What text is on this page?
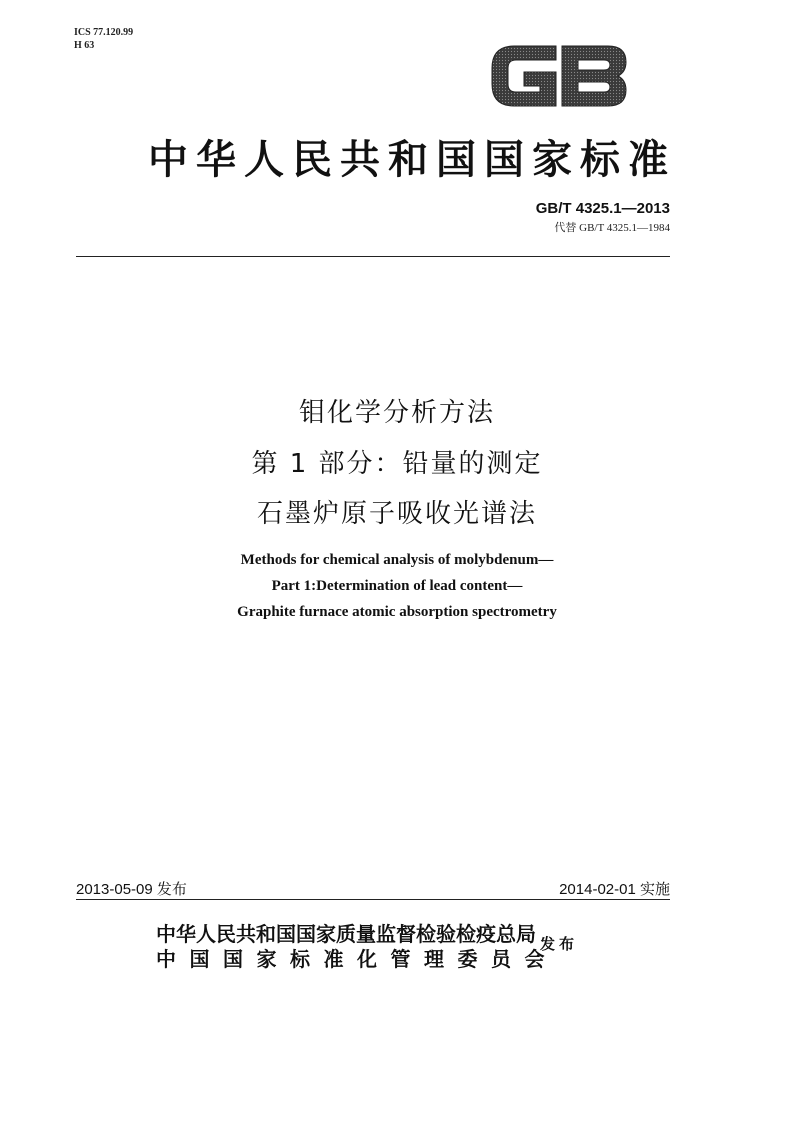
ICS 77.120.99
H 63
中华人民共和国国家标准
GB/T 4325.1—2013
代替 GB/T 4325.1—1984
钼化学分析方法
第 1 部分：铅量的测定
石墨炉原子吸收光谱法
Methods for chemical analysis of molybdenum—
Part 1:Determination of lead content—
Graphite furnace atomic absorption spectrometry
2013-05-09 发布	2014-02-01 实施
中华人民共和国国家质量监督检验检疫总局
中国国家标准化管理委员会
发布
